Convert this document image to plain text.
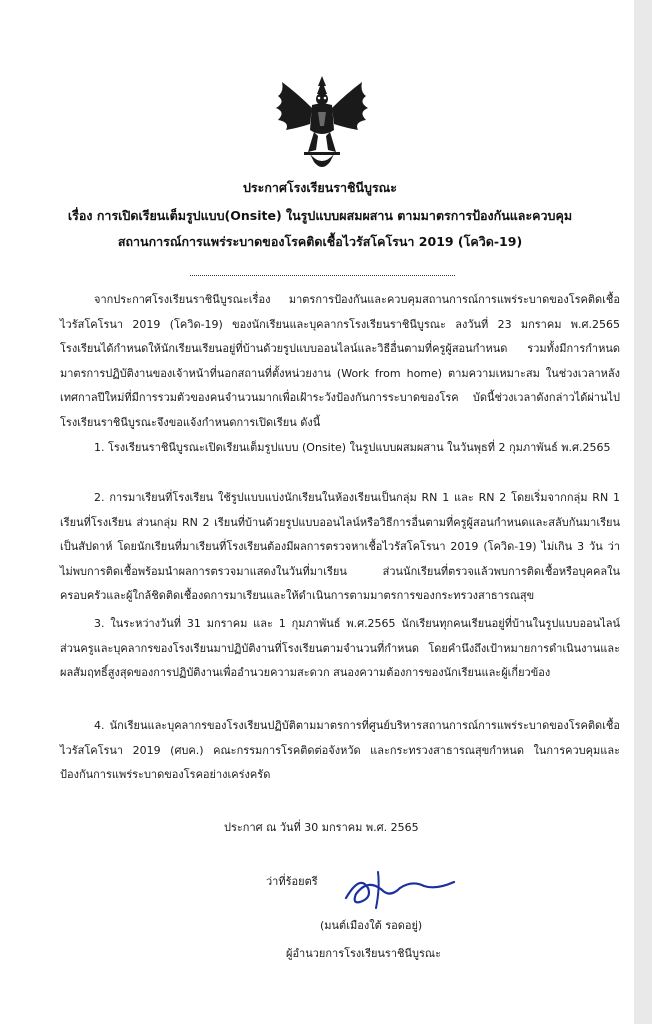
ประกาศโรงเรียนราชินีบูรณะ
เรื่อง การเปิดเรียนเต็มรูปแบบ(Onsite) ในรูปแบบผสมผสาน ตามมาตรการป้องกันและควบคุม
สถานการณ์การแพร่ระบาดของโรคติดเชื้อไวรัสโคโรนา 2019 (โควิด-19)
จากประกาศโรงเรียนราชินีบูรณะเรื่อง มาตรการป้องกันและควบคุมสถานการณ์การแพร่ระบาดของโรคติดเชื้อไวรัสโคโรนา 2019 (โควิด-19) ของนักเรียนและบุคลากรโรงเรียนราชินีบูรณะ ลงวันที่ 23 มกราคม พ.ศ.2565 โรงเรียนได้กำหนดให้นักเรียนเรียนอยู่ที่บ้านด้วยรูปแบบออนไลน์และวิธีอื่นตามที่ครูผู้สอนกำหนด รวมทั้งมีการกำหนดมาตรการปฏิบัติงานของเจ้าหน้าที่นอกสถานที่ตั้งหน่วยงาน (Work from home) ตามความเหมาะสม ในช่วงเวลาหลังเทศกาลปีใหม่ที่มีการรวมตัวของคนจำนวนมากเพื่อเฝ้าระวังป้องกันการระบาดของโรค บัดนี้ช่วงเวลาดังกล่าวได้ผ่านไป โรงเรียนราชินีบูรณะจึงขอแจ้งกำหนดการเปิดเรียน ดังนี้
1. โรงเรียนราชินีบูรณะเปิดเรียนเต็มรูปแบบ (Onsite) ในรูปแบบผสมผสาน ในวันพุธที่ 2 กุมภาพันธ์ พ.ศ.2565
2. การมาเรียนที่โรงเรียน ใช้รูปแบบแบ่งนักเรียนในห้องเรียนเป็นกลุ่ม RN 1 และ RN 2 โดยเริ่มจากกลุ่ม RN 1 เรียนที่โรงเรียน ส่วนกลุ่ม RN 2 เรียนที่บ้านด้วยรูปแบบออนไลน์หรือวิธีการอื่นตามที่ครูผู้สอนกำหนดและสลับกันมาเรียนเป็นสัปดาห์ โดยนักเรียนที่มาเรียนที่โรงเรียนต้องมีผลการตรวจหาเชื้อไวรัสโคโรนา 2019 (โควิด-19) ไม่เกิน 3 วัน ว่าไม่พบการติดเชื้อพร้อมนำผลการตรวจมาแสดงในวันที่มาเรียน ส่วนนักเรียนที่ตรวจแล้วพบการติดเชื้อหรือบุคคลในครอบครัวและผู้ใกล้ชิดติดเชื้องดการมาเรียนและให้ดำเนินการตามมาตรการของกระทรวงสาธารณสุข
3. ในระหว่างวันที่ 31 มกราคม และ 1 กุมภาพันธ์ พ.ศ.2565 นักเรียนทุกคนเรียนอยู่ที่บ้านในรูปแบบออนไลน์ ส่วนครูและบุคลากรของโรงเรียนมาปฏิบัติงานที่โรงเรียนตามจำนวนที่กำหนด โดยคำนึงถึงเป้าหมายการดำเนินงานและผลสัมฤทธิ์สูงสุดของการปฏิบัติงานเพื่ออำนวยความสะดวก สนองความต้องการของนักเรียนและผู้เกี่ยวข้อง
4. นักเรียนและบุคลากรของโรงเรียนปฏิบัติตามมาตรการที่ศูนย์บริหารสถานการณ์การแพร่ระบาดของโรคติดเชื้อไวรัสโคโรนา 2019 (ศบค.) คณะกรรมการโรคติดต่อจังหวัด และกระทรวงสาธารณสุขกำหนด ในการควบคุมและป้องกันการแพร่ระบาดของโรคอย่างเคร่งครัด
ประกาศ ณ วันที่ 30 มกราคม พ.ศ. 2565
ว่าที่ร้อยตรี
(มนต์เมืองใต้ รอดอยู่)
ผู้อำนวยการโรงเรียนราชินีบูรณะ
